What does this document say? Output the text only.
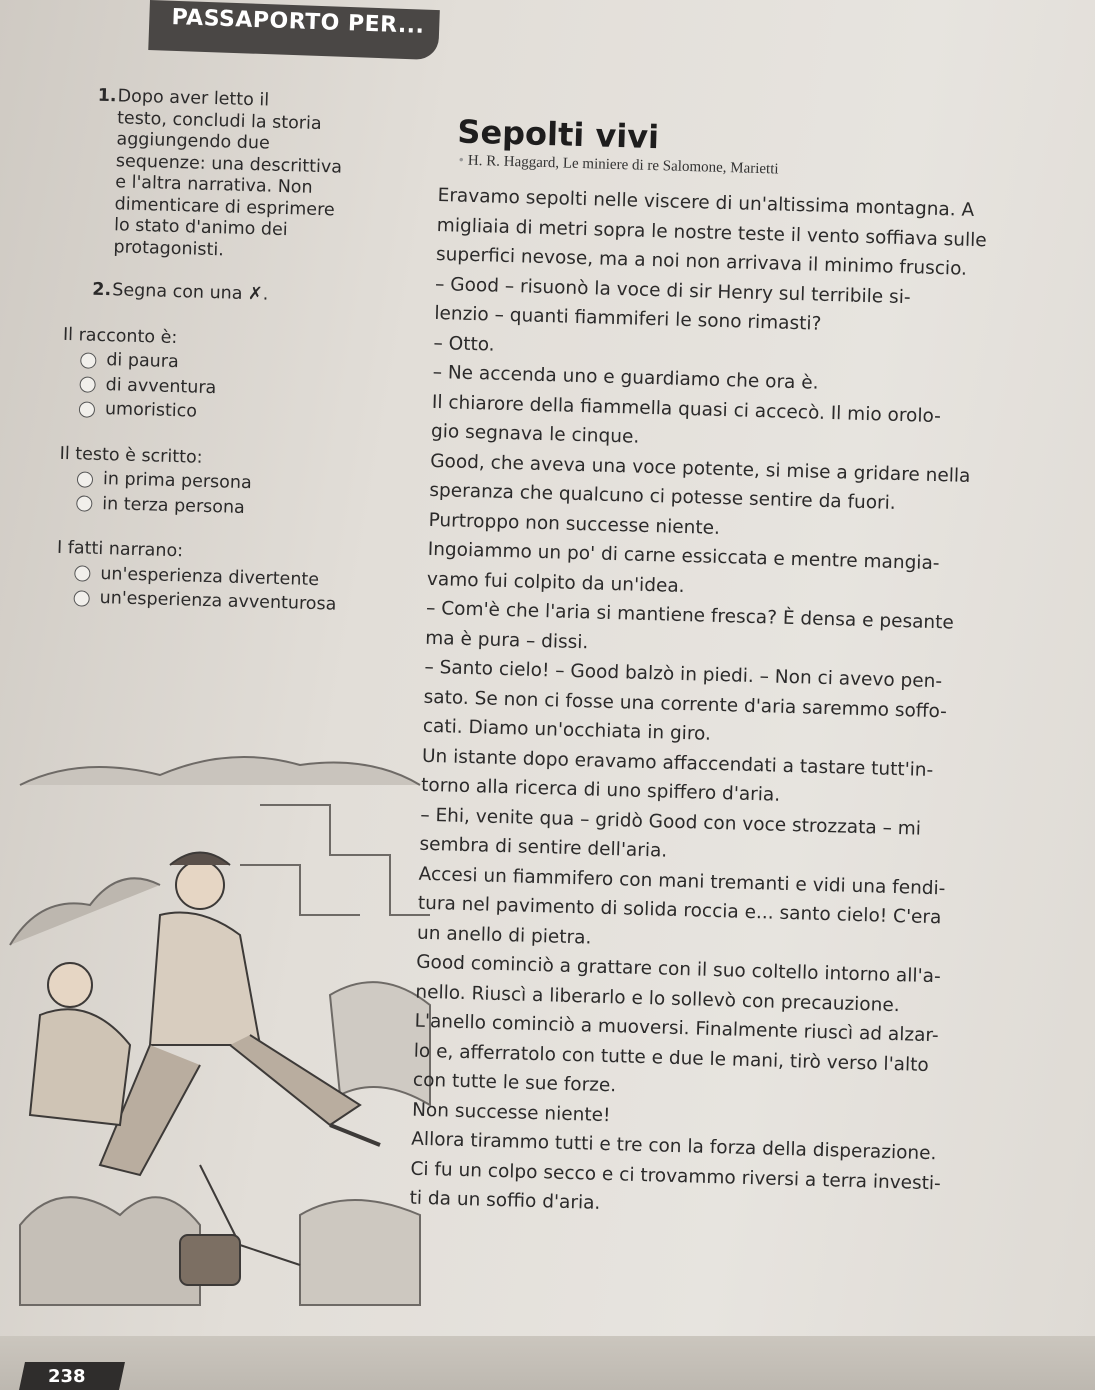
PASSAPORTO PER...
1. Dopo aver letto il
testo, concludi la storia
aggiungendo due
sequenze: una descrittiva
e l'altra narrativa. Non
dimenticare di esprimere
lo stato d'animo dei
protagonisti.
2. Segna con una ✗.
Il racconto è:
di paura
di avventura
umoristico
Il testo è scritto:
in prima persona
in terza persona
I fatti narrano:
un'esperienza divertente
un'esperienza avventurosa
Sepolti vivi
• H. R. Haggard, Le miniere di re Salomone, Marietti
Eravamo sepolti nelle viscere di un'altissima montagna. A
migliaia di metri sopra le nostre teste il vento soffiava sulle
superfici nevose, ma a noi non arrivava il minimo fruscio.
– Good – risuonò la voce di sir Henry sul terribile si-
lenzio – quanti fiammiferi le sono rimasti?
– Otto.
– Ne accenda uno e guardiamo che ora è.
Il chiarore della fiammella quasi ci accecò. Il mio orolo-
gio segnava le cinque.
Good, che aveva una voce potente, si mise a gridare nella
speranza che qualcuno ci potesse sentire da fuori.
Purtroppo non successe niente.
Ingoiammo un po' di carne essiccata e mentre mangia-
vamo fui colpito da un'idea.
– Com'è che l'aria si mantiene fresca? È densa e pesante
ma è pura – dissi.
– Santo cielo! – Good balzò in piedi. – Non ci avevo pen-
sato. Se non ci fosse una corrente d'aria saremmo soffo-
cati. Diamo un'occhiata in giro.
Un istante dopo eravamo affaccendati a tastare tutt'in-
torno alla ricerca di uno spiffero d'aria.
– Ehi, venite qua – gridò Good con voce strozzata – mi
sembra di sentire dell'aria.
Accesi un fiammifero con mani tremanti e vidi una fendi-
tura nel pavimento di solida roccia e... santo cielo! C'era
un anello di pietra.
Good cominciò a grattare con il suo coltello intorno all'a-
nello. Riuscì a liberarlo e lo sollevò con precauzione.
L'anello cominciò a muoversi. Finalmente riuscì ad alzar-
lo e, afferratolo con tutte e due le mani, tirò verso l'alto
con tutte le sue forze.
Non successe niente!
Allora tirammo tutti e tre con la forza della disperazione.
Ci fu un colpo secco e ci trovammo riversi a terra investi-
ti da un soffio d'aria.
238
